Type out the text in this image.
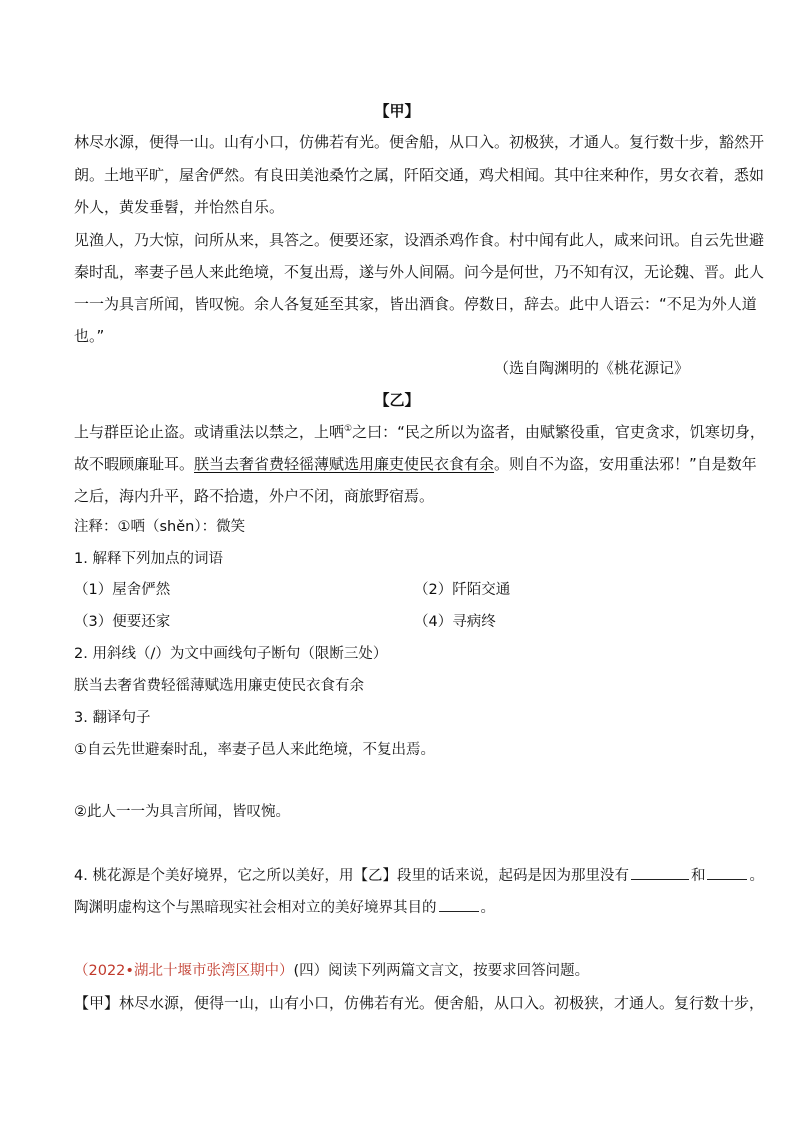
【甲】
林尽水源，便得一山。山有小口，仿佛若有光。便舍船，从口入。初极狭，才通人。复行数十步，豁然开
朗。土地平旷，屋舍俨然。有良田美池桑竹之属，阡陌交通，鸡犬相闻。其中往来种作，男女衣着，悉如
外人，黄发垂髫，并怡然自乐。
见渔人，乃大惊，问所从来，具答之。便要还家，设酒杀鸡作食。村中闻有此人，咸来问讯。自云先世避
秦时乱，率妻子邑人来此绝境，不复出焉，遂与外人间隔。问今是何世，乃不知有汉，无论魏、晋。此人
一一为具言所闻，皆叹惋。余人各复延至其家，皆出酒食。停数日，辞去。此中人语云：“不足为外人道
也。”
（选自陶渊明的《桃花源记》
【乙】
上与群臣论止盗。或请重法以禁之，上哂①之曰：“民之所以为盗者，由赋繁役重，官吏贪求，饥寒切身，
故不暇顾廉耻耳。朕当去奢省费轻徭薄赋选用廉吏使民衣食有余。则自不为盗，安用重法邪！”自是数年
之后，海内升平，路不拾遗，外户不闭，商旅野宿焉。
注释：①哂（shěn）：微笑
1. 解释下列加点的词语
（1）屋舍俨然	（2）阡陌交通
（3）便要还家	（4）寻病终
2. 用斜线（/）为文中画线句子断句（限断三处）
朕当去奢省费轻徭薄赋选用廉吏使民衣食有余
3. 翻译句子
①自云先世避秦时乱，率妻子邑人来此绝境，不复出焉。
②此人一一为具言所闻，皆叹惋。
4. 桃花源是个美好境界，它之所以美好，用【乙】段里的话来说，起码是因为那里没有	和	。
陶渊明虚构这个与黑暗现实社会相对立的美好境界其目的	。
（2022•湖北十堰市张湾区期中）(四）阅读下列两篇文言文，按要求回答问题。
【甲】林尽水源，便得一山，山有小口，仿佛若有光。便舍船，从口入。初极狭，才通人。复行数十步，
